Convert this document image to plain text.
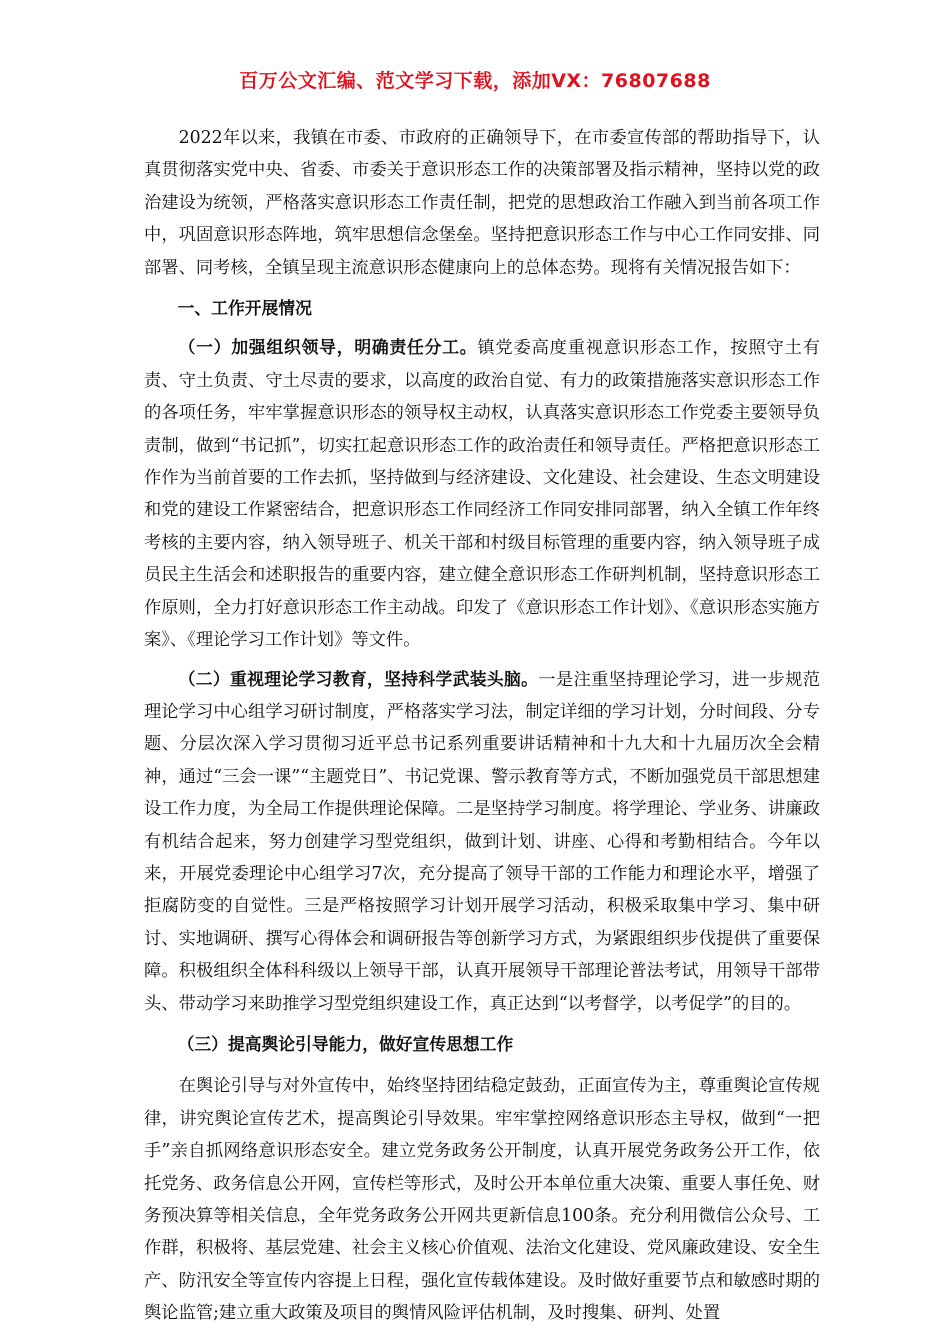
百万公文汇编、范文学习下载，添加VX：76807688

2022年以来，我镇在市委、市政府的正确领导下，在市委宣传部的帮助指导下，认真贯彻落实党中央、省委、市委关于意识形态工作的决策部署及指示精神，坚持以党的政治建设为统领，严格落实意识形态工作责任制，把党的思想政治工作融入到当前各项工作中，巩固意识形态阵地，筑牢思想信念堡垒。坚持把意识形态工作与中心工作同安排、同部署、同考核，全镇呈现主流意识形态健康向上的总体态势。现将有关情况报告如下：

一、工作开展情况

（一）加强组织领导，明确责任分工。镇党委高度重视意识形态工作，按照守土有责、守土负责、守土尽责的要求，以高度的政治自觉、有力的政策措施落实意识形态工作的各项任务，牢牢掌握意识形态的领导权主动权，认真落实意识形态工作党委主要领导负责制，做到“书记抓”，切实扛起意识形态工作的政治责任和领导责任。严格把意识形态工作作为当前首要的工作去抓，坚持做到与经济建设、文化建设、社会建设、生态文明建设和党的建设工作紧密结合，把意识形态工作同经济工作同安排同部署，纳入全镇工作年终考核的主要内容，纳入领导班子、机关干部和村级目标管理的重要内容，纳入领导班子成员民主生活会和述职报告的重要内容，建立健全意识形态工作研判机制，坚持意识形态工作原则，全力打好意识形态工作主动战。印发了《意识形态工作计划》、《意识形态实施方案》、《理论学习工作计划》等文件。

（二）重视理论学习教育，坚持科学武装头脑。一是注重坚持理论学习，进一步规范理论学习中心组学习研讨制度，严格落实学习法，制定详细的学习计划，分时间段、分专题、分层次深入学习贯彻习近平总书记系列重要讲话精神和十九大和十九届历次全会精神，通过“三会一课”“主题党日”、书记党课、警示教育等方式，不断加强党员干部思想建设工作力度，为全局工作提供理论保障。二是坚持学习制度。将学理论、学业务、讲廉政有机结合起来，努力创建学习型党组织，做到计划、讲座、心得和考勤相结合。今年以来，开展党委理论中心组学习7次，充分提高了领导干部的工作能力和理论水平，增强了拒腐防变的自觉性。三是严格按照学习计划开展学习活动，积极采取集中学习、集中研讨、实地调研、撰写心得体会和调研报告等创新学习方式，为紧跟组织步伐提供了重要保障。积极组织全体科科级以上领导干部，认真开展领导干部理论普法考试，用领导干部带头、带动学习来助推学习型党组织建设工作，真正达到“以考督学，以考促学”的目的。

（三）提高舆论引导能力，做好宣传思想工作

在舆论引导与对外宣传中，始终坚持团结稳定鼓劲，正面宣传为主，尊重舆论宣传规律，讲究舆论宣传艺术，提高舆论引导效果。牢牢掌控网络意识形态主导权，做到“一把手”亲自抓网络意识形态安全。建立党务政务公开制度，认真开展党务政务公开工作，依托党务、政务信息公开网，宣传栏等形式，及时公开本单位重大决策、重要人事任免、财务预决算等相关信息，全年党务政务公开网共更新信息100条。充分利用微信公众号、工作群，积极将、基层党建、社会主义核心价值观、法治文化建设、党风廉政建设、安全生产、防汛安全等宣传内容提上日程，强化宣传载体建设。及时做好重要节点和敏感时期的舆论监管;建立重大政策及项目的舆情风险评估机制，及时搜集、研判、处置
